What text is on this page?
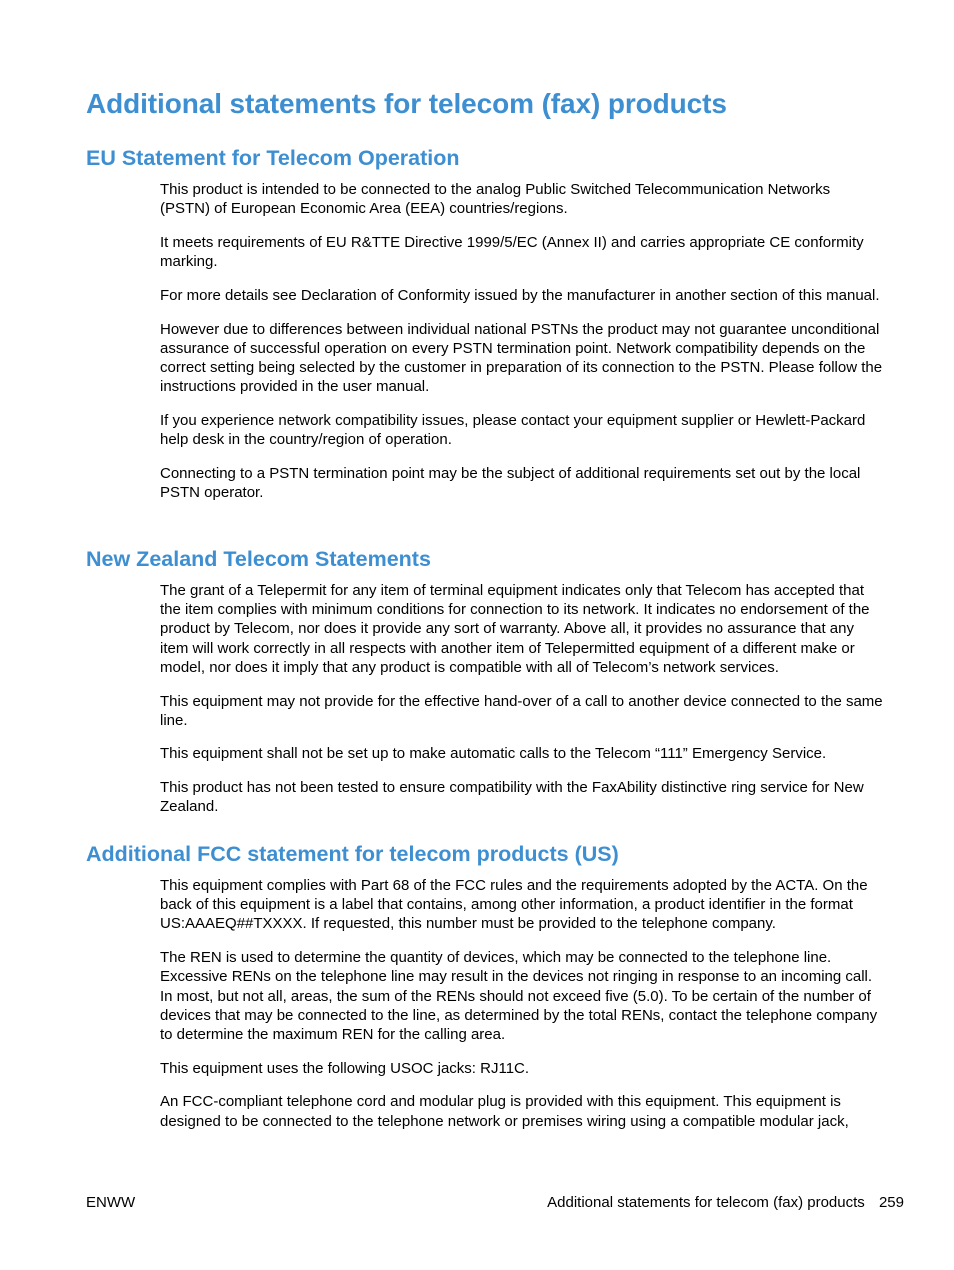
Additional statements for telecom (fax) products
EU Statement for Telecom Operation

This product is intended to be connected to the analog Public Switched Telecommunication Networks (PSTN) of European Economic Area (EEA) countries/regions.

It meets requirements of EU R&TTE Directive 1999/5/EC (Annex II) and carries appropriate CE conformity marking.

For more details see Declaration of Conformity issued by the manufacturer in another section of this manual.

However due to differences between individual national PSTNs the product may not guarantee unconditional assurance of successful operation on every PSTN termination point. Network compatibility depends on the correct setting being selected by the customer in preparation of its connection to the PSTN. Please follow the instructions provided in the user manual.

If you experience network compatibility issues, please contact your equipment supplier or Hewlett-Packard help desk in the country/region of operation.

Connecting to a PSTN termination point may be the subject of additional requirements set out by the local PSTN operator.

New Zealand Telecom Statements

The grant of a Telepermit for any item of terminal equipment indicates only that Telecom has accepted that the item complies with minimum conditions for connection to its network. It indicates no endorsement of the product by Telecom, nor does it provide any sort of warranty. Above all, it provides no assurance that any item will work correctly in all respects with another item of Telepermitted equipment of a different make or model, nor does it imply that any product is compatible with all of Telecom’s network services.

This equipment may not provide for the effective hand-over of a call to another device connected to the same line.

This equipment shall not be set up to make automatic calls to the Telecom “111” Emergency Service.

This product has not been tested to ensure compatibility with the FaxAbility distinctive ring service for New Zealand.

Additional FCC statement for telecom products (US)

This equipment complies with Part 68 of the FCC rules and the requirements adopted by the ACTA. On the back of this equipment is a label that contains, among other information, a product identifier in the format US:AAAEQ##TXXXX. If requested, this number must be provided to the telephone company.

The REN is used to determine the quantity of devices, which may be connected to the telephone line. Excessive RENs on the telephone line may result in the devices not ringing in response to an incoming call. In most, but not all, areas, the sum of the RENs should not exceed five (5.0). To be certain of the number of devices that may be connected to the line, as determined by the total RENs, contact the telephone company to determine the maximum REN for the calling area.

This equipment uses the following USOC jacks: RJ11C.

An FCC-compliant telephone cord and modular plug is provided with this equipment. This equipment is designed to be connected to the telephone network or premises wiring using a compatible modular jack,

ENWW	Additional statements for telecom (fax) products 259
